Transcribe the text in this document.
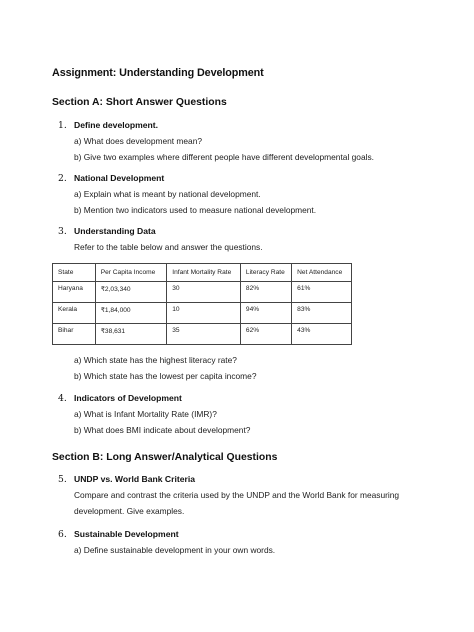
Assignment: Understanding Development
Section A: Short Answer Questions
1. Define development.
a) What does development mean?
b) Give two examples where different people have different developmental goals.
2. National Development
a) Explain what is meant by national development.
b) Mention two indicators used to measure national development.
3. Understanding Data
Refer to the table below and answer the questions.
State	Per Capita Income	Infant Mortality Rate	Literacy Rate	Net Attendance
Haryana	₹2,03,340	30	82%	61%
Kerala	₹1,84,000	10	94%	83%
Bihar	₹38,631	35	62%	43%
a) Which state has the highest literacy rate?
b) Which state has the lowest per capita income?
4. Indicators of Development
a) What is Infant Mortality Rate (IMR)?
b) What does BMI indicate about development?
Section B: Long Answer/Analytical Questions
5. UNDP vs. World Bank Criteria
Compare and contrast the criteria used by the UNDP and the World Bank for measuring
development. Give examples.
6. Sustainable Development
a) Define sustainable development in your own words.
